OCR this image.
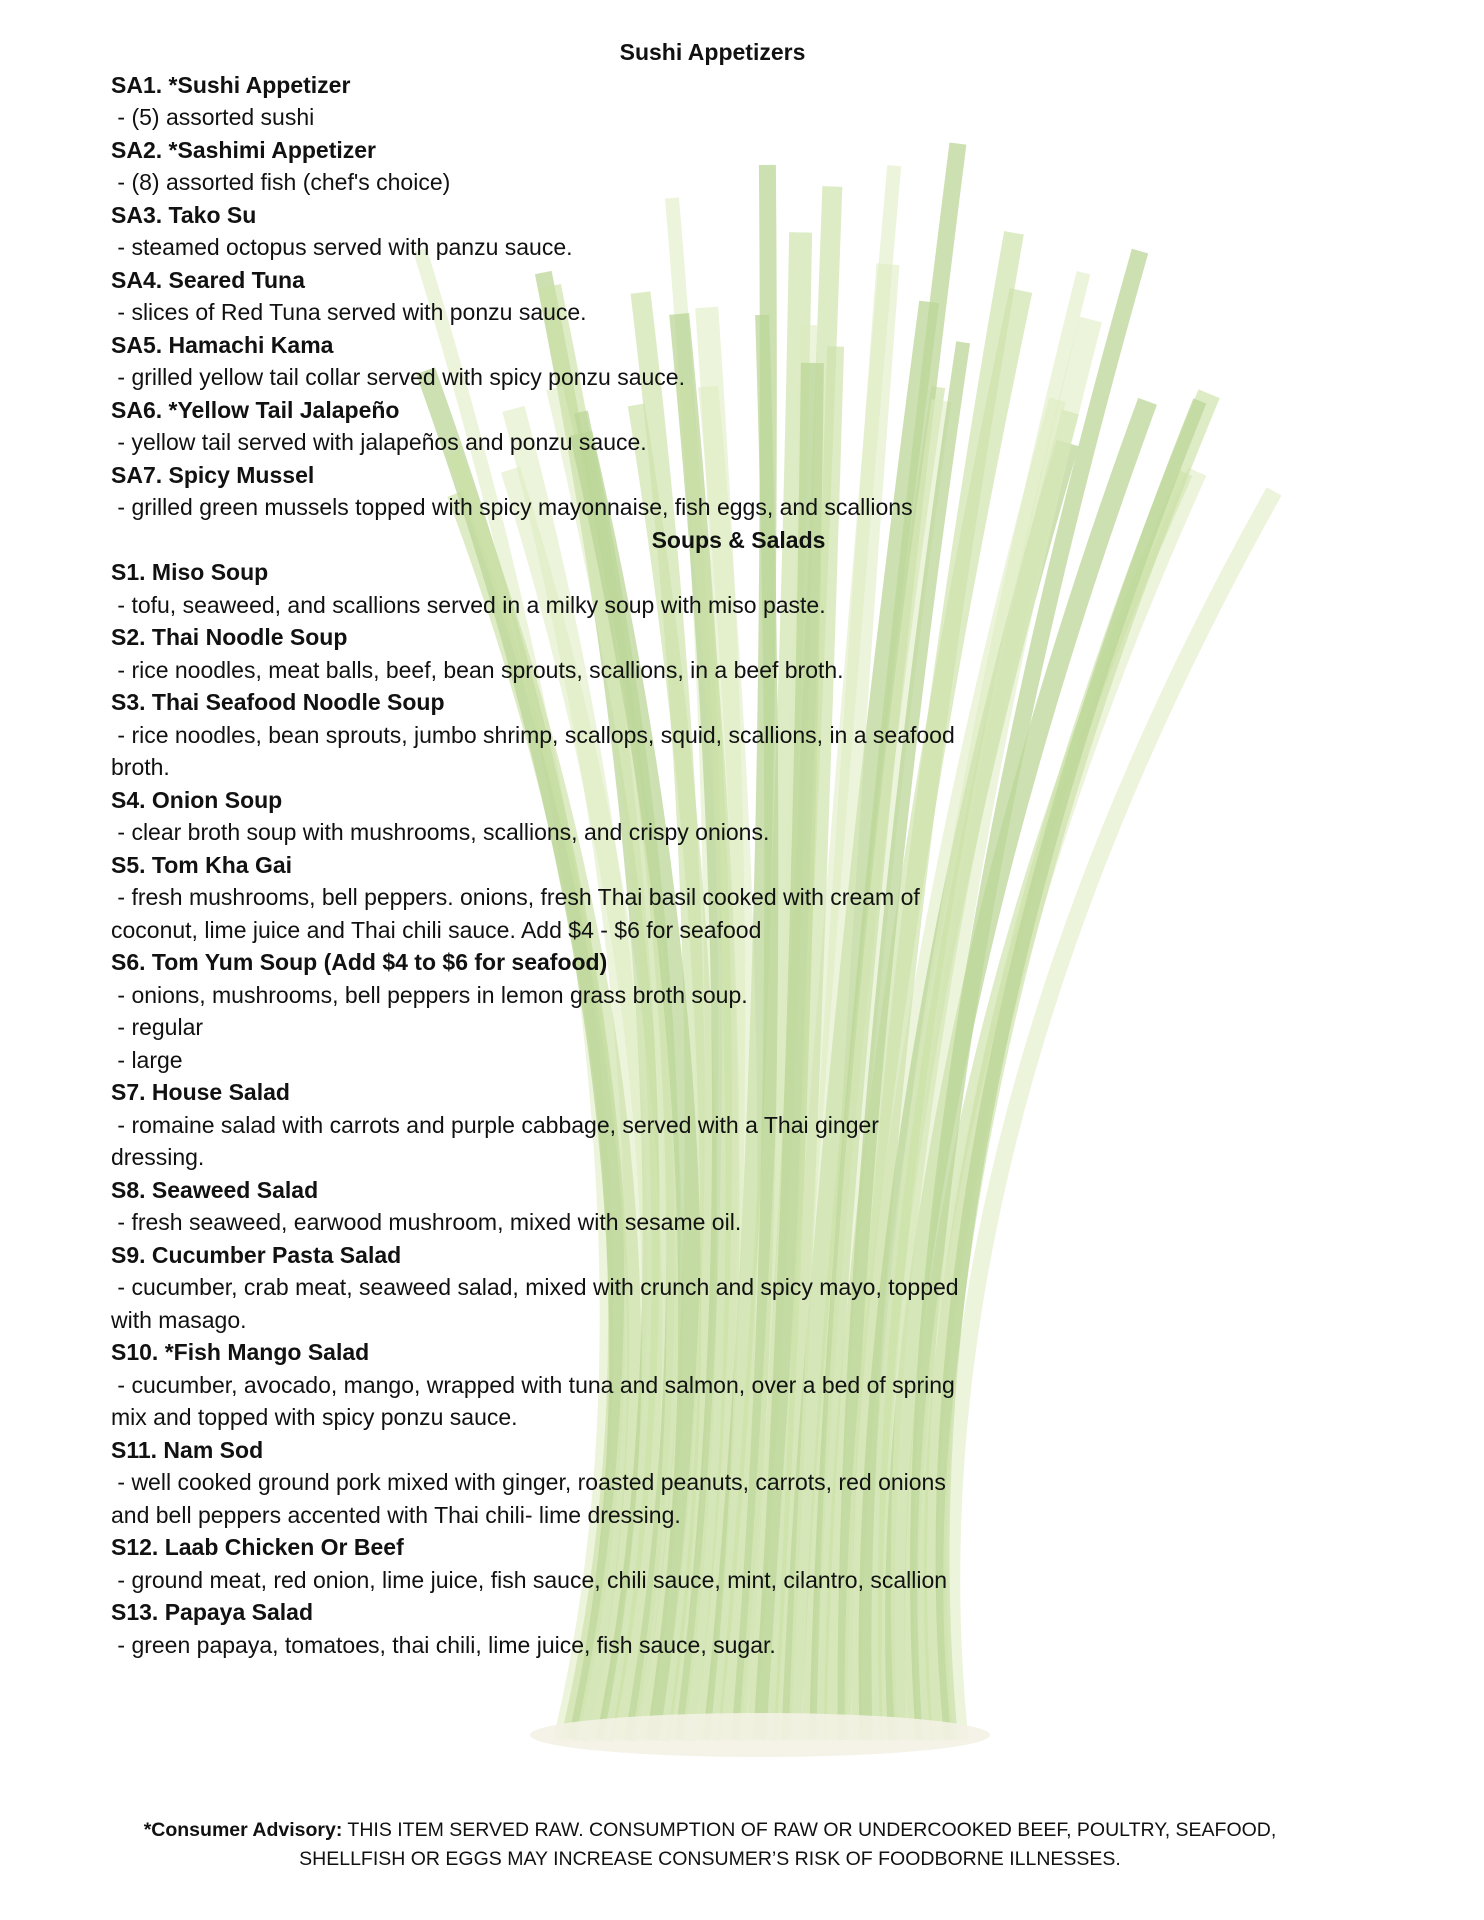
Sushi Appetizers
SA1. *Sushi Appetizer
- (5) assorted sushi
SA2. *Sashimi Appetizer
- (8) assorted fish (chef's choice)
SA3. Tako Su
- steamed octopus served with panzu sauce.
SA4. Seared Tuna
- slices of Red Tuna served with ponzu sauce.
SA5. Hamachi Kama
- grilled yellow tail collar served with spicy ponzu sauce.
SA6. *Yellow Tail Jalapeño
- yellow tail served with jalapeños and ponzu sauce.
SA7. Spicy Mussel
- grilled green mussels topped with spicy mayonnaise, fish eggs, and scallions
Soups & Salads
S1. Miso Soup
- tofu, seaweed, and scallions served in a milky soup with miso paste.
S2. Thai Noodle Soup
- rice noodles, meat balls, beef, bean sprouts, scallions, in a beef broth.
S3. Thai Seafood Noodle Soup
- rice noodles, bean sprouts, jumbo shrimp, scallops, squid, scallions, in a seafood broth.
S4. Onion Soup
- clear broth soup with mushrooms, scallions, and crispy onions.
S5. Tom Kha Gai
- fresh mushrooms, bell peppers. onions, fresh Thai basil cooked with cream of coconut, lime juice and Thai chili sauce. Add $4 - $6 for seafood
S6. Tom Yum Soup (Add $4 to $6 for seafood)
- onions, mushrooms, bell peppers in lemon grass broth soup.
- regular
- large
S7. House Salad
- romaine salad with carrots and purple cabbage, served with a Thai ginger dressing.
S8. Seaweed Salad
- fresh seaweed, earwood mushroom, mixed with sesame oil.
S9. Cucumber Pasta Salad
- cucumber, crab meat, seaweed salad, mixed with crunch and spicy mayo, topped with masago.
S10. *Fish Mango Salad
- cucumber, avocado, mango, wrapped with tuna and salmon, over a bed of spring mix and topped with spicy ponzu sauce.
S11. Nam Sod
- well cooked ground pork mixed with ginger, roasted peanuts, carrots, red onions and bell peppers accented with Thai chili- lime dressing.
S12. Laab Chicken Or Beef
- ground meat, red onion, lime juice, fish sauce, chili sauce, mint, cilantro, scallion
S13. Papaya Salad
- green papaya, tomatoes, thai chili, lime juice, fish sauce, sugar.
*Consumer Advisory: THIS ITEM SERVED RAW. CONSUMPTION OF RAW OR UNDERCOOKED BEEF, POULTRY, SEAFOOD, SHELLFISH OR EGGS MAY INCREASE CONSUMER’S RISK OF FOODBORNE ILLNESSES.
